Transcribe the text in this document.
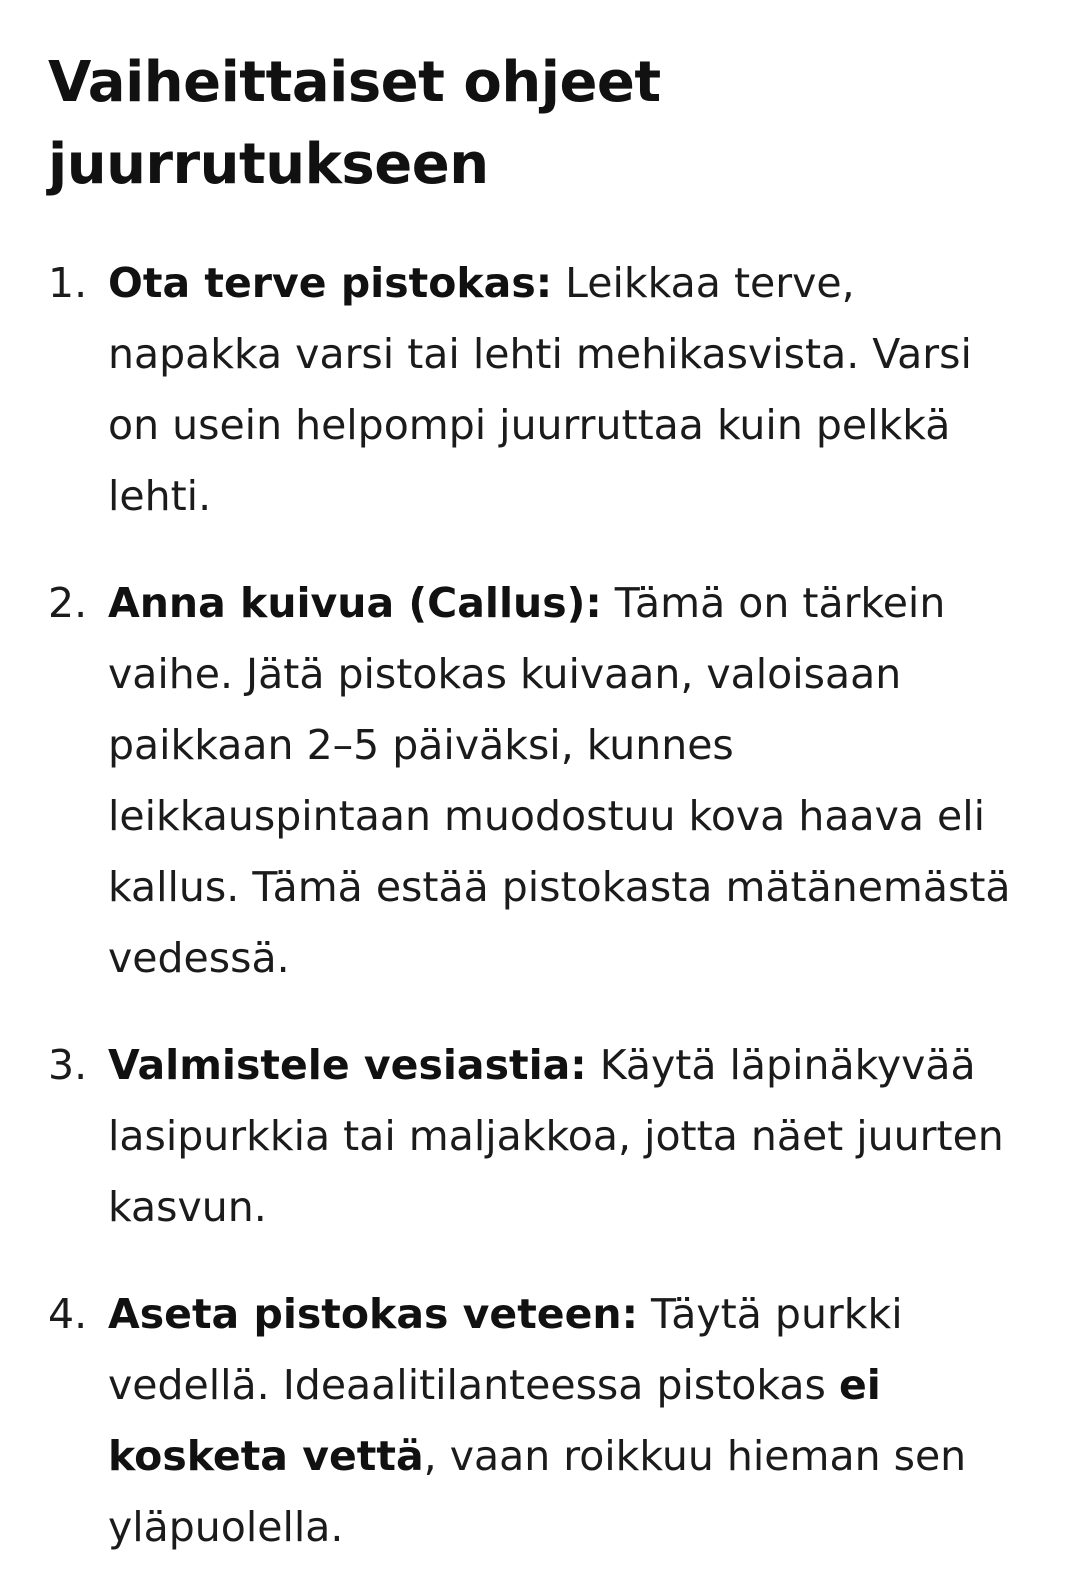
Vaiheittaiset ohjeet
juurrutukseen
1. Ota terve pistokas: Leikkaa terve, napakka varsi tai lehti mehikasvista. Varsi on usein helpompi juurruttaa kuin pelkkä lehti.
2. Anna kuivua (Callus): Tämä on tärkein vaihe. Jätä pistokas kuivaan, valoisaan paikkaan 2–5 päiväksi, kunnes leikkauspintaan muodostuu kova haava eli kallus. Tämä estää pistokasta mätänemästä vedessä.
3. Valmistele vesiastia: Käytä läpinäkyvää lasipurkkia tai maljakkoa, jotta näet juurten kasvun.
4. Aseta pistokas veteen: Täytä purkki vedellä. Ideaalitilanteessa pistokas ei kosketa vettä, vaan roikkuu hieman sen yläpuolella.
